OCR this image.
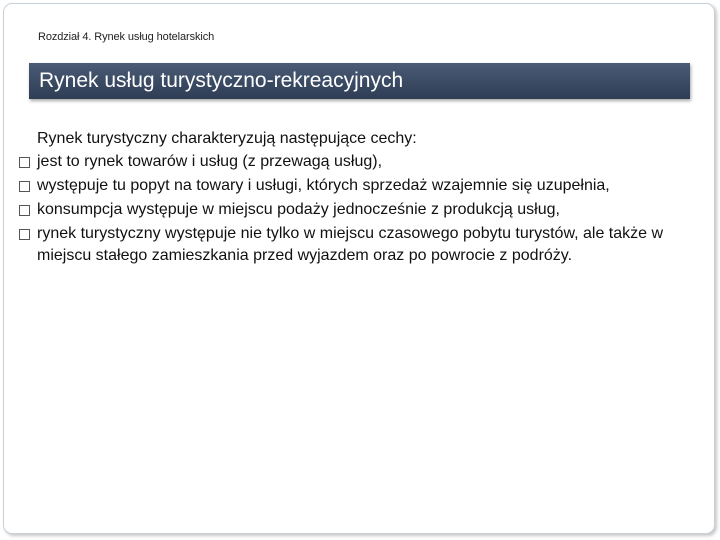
Rozdział 4. Rynek usług hotelarskich
Rynek usług turystyczno-rekreacyjnych
Rynek turystyczny charakteryzują następujące cechy:
jest to rynek towarów i usług (z przewagą usług),
występuje tu popyt na towary i usługi, których sprzedaż wzajemnie się uzupełnia,
konsumpcja występuje w miejscu podaży jednocześnie z produkcją usług,
rynek turystyczny występuje nie tylko w miejscu czasowego pobytu turystów, ale także w miejscu stałego zamieszkania przed wyjazdem oraz po powrocie z podróży.
